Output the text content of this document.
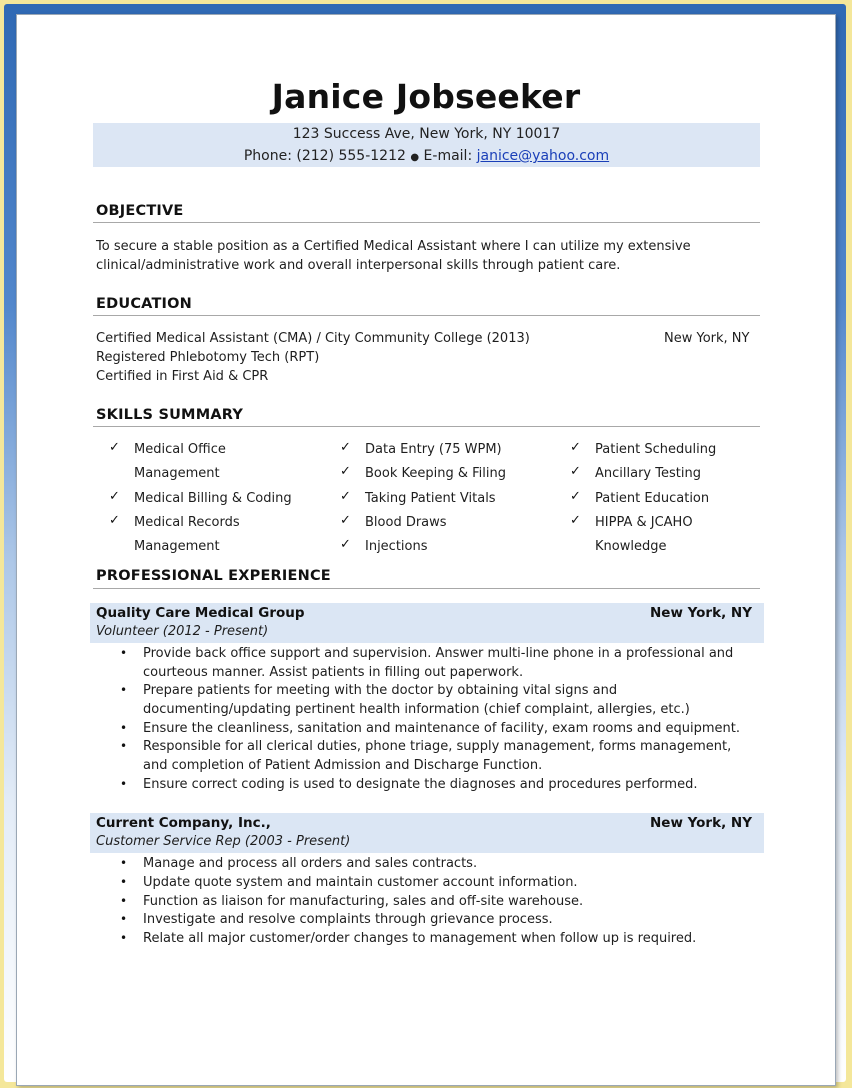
Janice Jobseeker
123 Success Ave, New York, NY 10017
Phone: (212) 555-1212 ● E-mail: janice@yahoo.com
OBJECTIVE
To secure a stable position as a Certified Medical Assistant where I can utilize my extensive
clinical/administrative work and overall interpersonal skills through patient care.
EDUCATION
Certified Medical Assistant (CMA) / City Community College (2013)	New York, NY
Registered Phlebotomy Tech (RPT)
Certified in First Aid & CPR
SKILLS SUMMARY
✓ Medical Office
Management
✓ Medical Billing & Coding
✓ Medical Records
Management
✓ Data Entry (75 WPM)
✓ Book Keeping & Filing
✓ Taking Patient Vitals
✓ Blood Draws
✓ Injections
✓ Patient Scheduling
✓ Ancillary Testing
✓ Patient Education
✓ HIPPA & JCAHO
Knowledge
PROFESSIONAL EXPERIENCE
Quality Care Medical Group	New York, NY
Volunteer (2012 - Present)
• Provide back office support and supervision. Answer multi-line phone in a professional and
courteous manner. Assist patients in filling out paperwork.
• Prepare patients for meeting with the doctor by obtaining vital signs and
documenting/updating pertinent health information (chief complaint, allergies, etc.)
• Ensure the cleanliness, sanitation and maintenance of facility, exam rooms and equipment.
• Responsible for all clerical duties, phone triage, supply management, forms management,
and completion of Patient Admission and Discharge Function.
• Ensure correct coding is used to designate the diagnoses and procedures performed.
Current Company, Inc.,	New York, NY
Customer Service Rep (2003 - Present)
• Manage and process all orders and sales contracts.
• Update quote system and maintain customer account information.
• Function as liaison for manufacturing, sales and off-site warehouse.
• Investigate and resolve complaints through grievance process.
• Relate all major customer/order changes to management when follow up is required.
